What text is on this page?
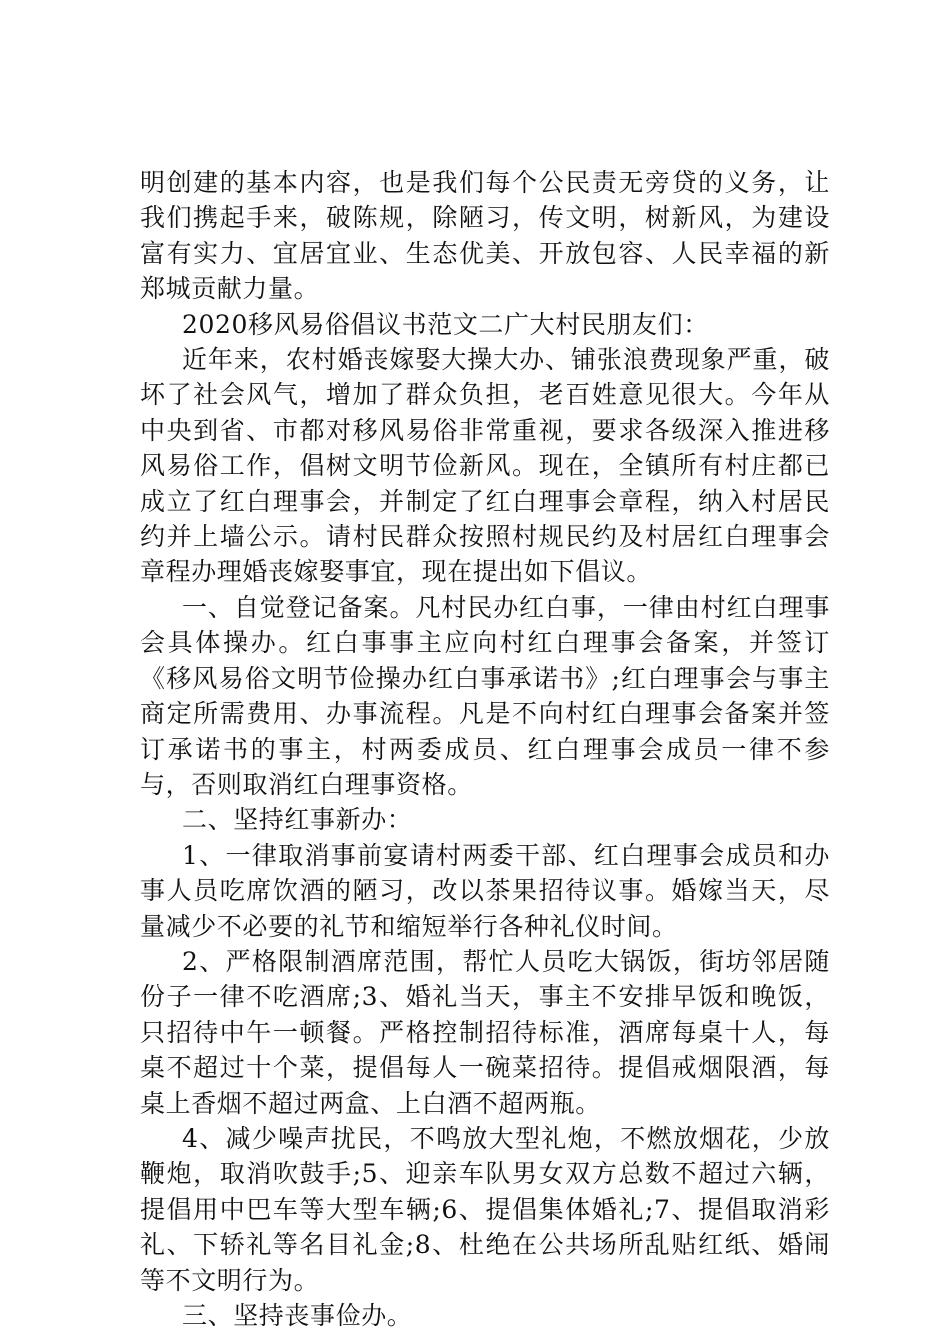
明创建的基本内容，也是我们每个公民责无旁贷的义务，让我们携起手来，破陈规，除陋习，传文明，树新风，为建设富有实力、宜居宜业、生态优美、开放包容、人民幸福的新郑城贡献力量。

2020移风易俗倡议书范文二广大村民朋友们：

近年来，农村婚丧嫁娶大操大办、铺张浪费现象严重，破坏了社会风气，增加了群众负担，老百姓意见很大。今年从中央到省、市都对移风易俗非常重视，要求各级深入推进移风易俗工作，倡树文明节俭新风。现在，全镇所有村庄都已成立了红白理事会，并制定了红白理事会章程，纳入村居民约并上墙公示。请村民群众按照村规民约及村居红白理事会章程办理婚丧嫁娶事宜，现在提出如下倡议。

一、自觉登记备案。凡村民办红白事，一律由村红白理事会具体操办。红白事事主应向村红白理事会备案，并签订《移风易俗文明节俭操办红白事承诺书》;红白理事会与事主商定所需费用、办事流程。凡是不向村红白理事会备案并签订承诺书的事主，村两委成员、红白理事会成员一律不参与，否则取消红白理事资格。

二、坚持红事新办：

1、一律取消事前宴请村两委干部、红白理事会成员和办事人员吃席饮酒的陋习，改以茶果招待议事。婚嫁当天，尽量减少不必要的礼节和缩短举行各种礼仪时间。

2、严格限制酒席范围，帮忙人员吃大锅饭，街坊邻居随份子一律不吃酒席;3、婚礼当天，事主不安排早饭和晚饭，只招待中午一顿餐。严格控制招待标准，酒席每桌十人，每桌不超过十个菜，提倡每人一碗菜招待。提倡戒烟限酒，每桌上香烟不超过两盒、上白酒不超两瓶。

4、减少噪声扰民，不鸣放大型礼炮，不燃放烟花，少放鞭炮，取消吹鼓手;5、迎亲车队男女双方总数不超过六辆，提倡用中巴车等大型车辆;6、提倡集体婚礼;7、提倡取消彩礼、下轿礼等名目礼金;8、杜绝在公共场所乱贴红纸、婚闹等不文明行为。

三、坚持丧事俭办。
